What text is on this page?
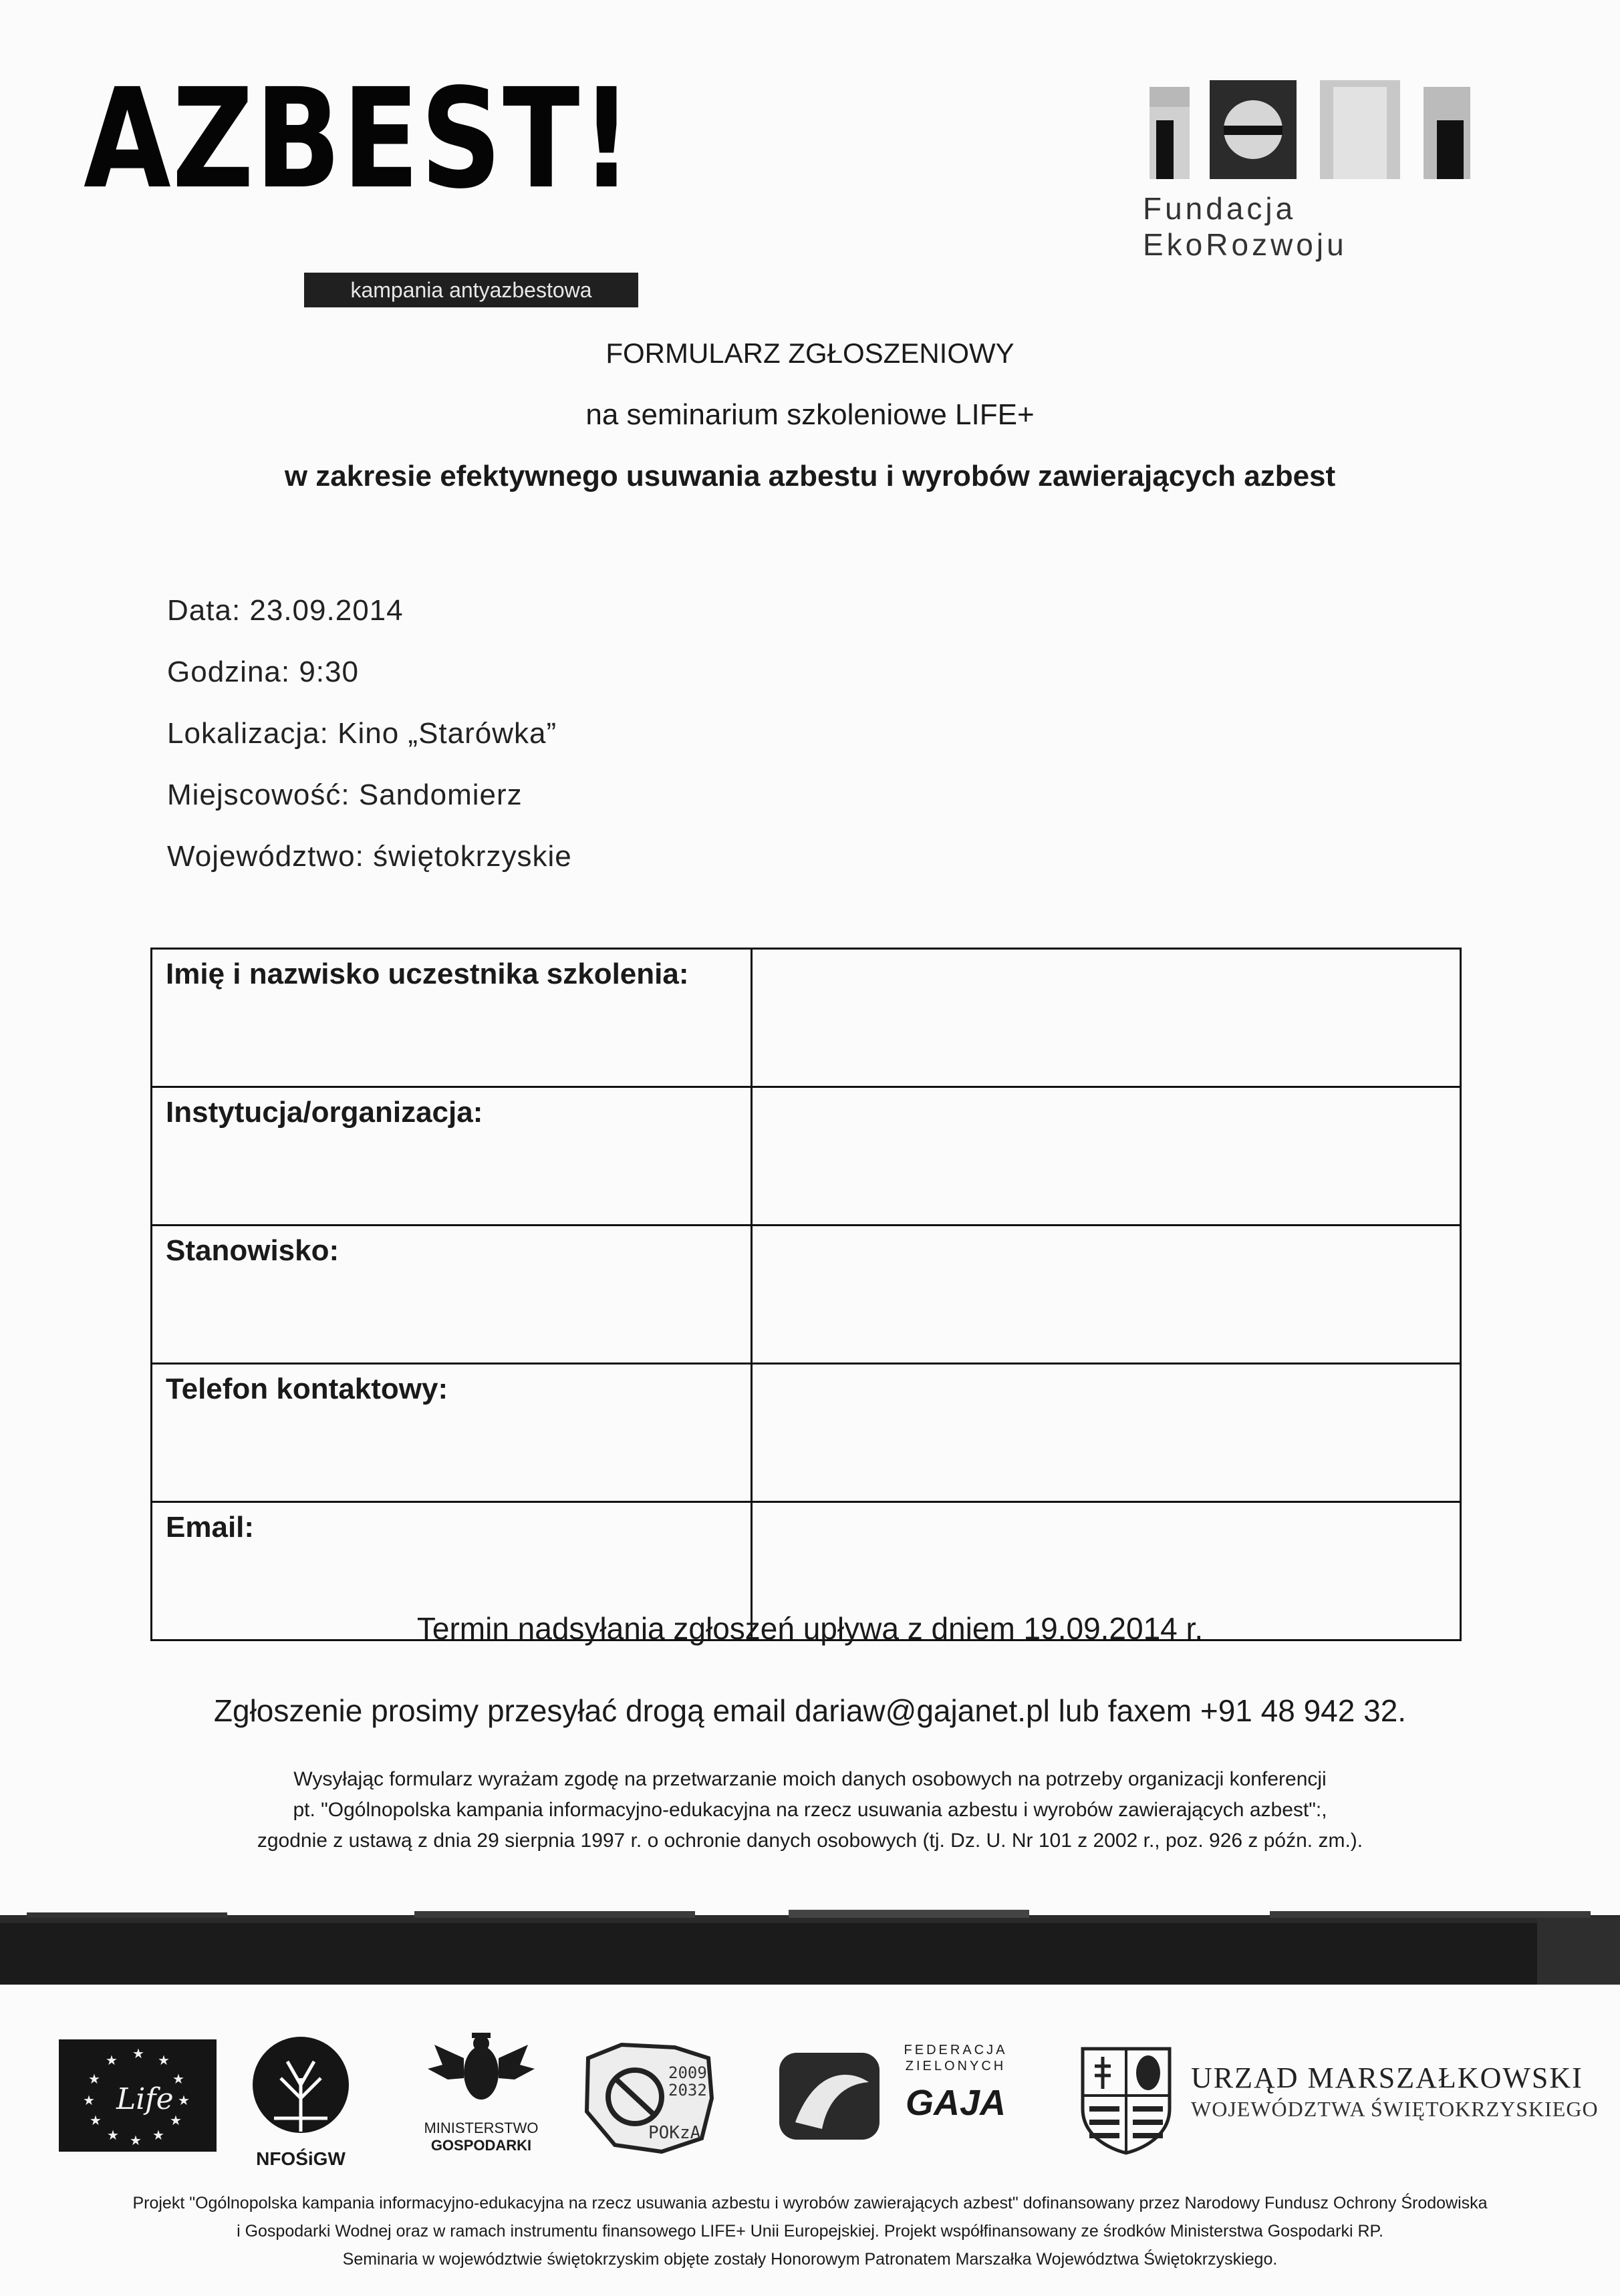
AZBEST!
kampania antyazbestowa
Fundacja EkoRozwoju
FORMULARZ ZGŁOSZENIOWY
na seminarium szkoleniowe LIFE+
w zakresie efektywnego usuwania azbestu i wyrobów zawierających azbest
Data: 23.09.2014
Godzina: 9:30
Lokalizacja: Kino „Starówka”
Miejscowość: Sandomierz
Województwo: świętokrzyskie
Imię i nazwisko uczestnika szkolenia:	
Instytucja/organizacja:	
Stanowisko:	
Telefon kontaktowy:	
Email:	
Termin nadsyłania zgłoszeń upływa z dniem 19.09.2014 r.
Zgłoszenie prosimy przesyłać drogą email dariaw@gajanet.pl lub faxem +91 48 942 32.
Wysyłając formularz wyrażam zgodę na przetwarzanie moich danych osobowych na potrzeby organizacji konferencji
pt. "Ogólnopolska kampania informacyjno-edukacyjna na rzecz usuwania azbestu i wyrobów zawierających azbest":,
zgodnie z ustawą z dnia 29 sierpnia 1997 r. o ochronie danych osobowych (tj. Dz. U. Nr 101 z 2002 r., poz. 926 z późn. zm.).
★ ★
★
★
★
★
★
★
★
★
★
★
Life
NFOŚiGW
MINISTERSTWO
GOSPODARKI
2009
2032
POKzA
FEDERACJA
ZIELONYCH
GAJA
URZĄD MARSZAŁKOWSKI
WOJEWÓDZTWA ŚWIĘTOKRZYSKIEGO
Projekt "Ogólnopolska kampania informacyjno-edukacyjna na rzecz usuwania azbestu i wyrobów zawierających azbest" dofinansowany przez Narodowy Fundusz Ochrony Środowiska
i Gospodarki Wodnej oraz w ramach instrumentu finansowego LIFE+ Unii Europejskiej. Projekt współfinansowany ze środków Ministerstwa Gospodarki RP.
Seminaria w województwie świętokrzyskim objęte zostały Honorowym Patronatem Marszałka Województwa Świętokrzyskiego.
